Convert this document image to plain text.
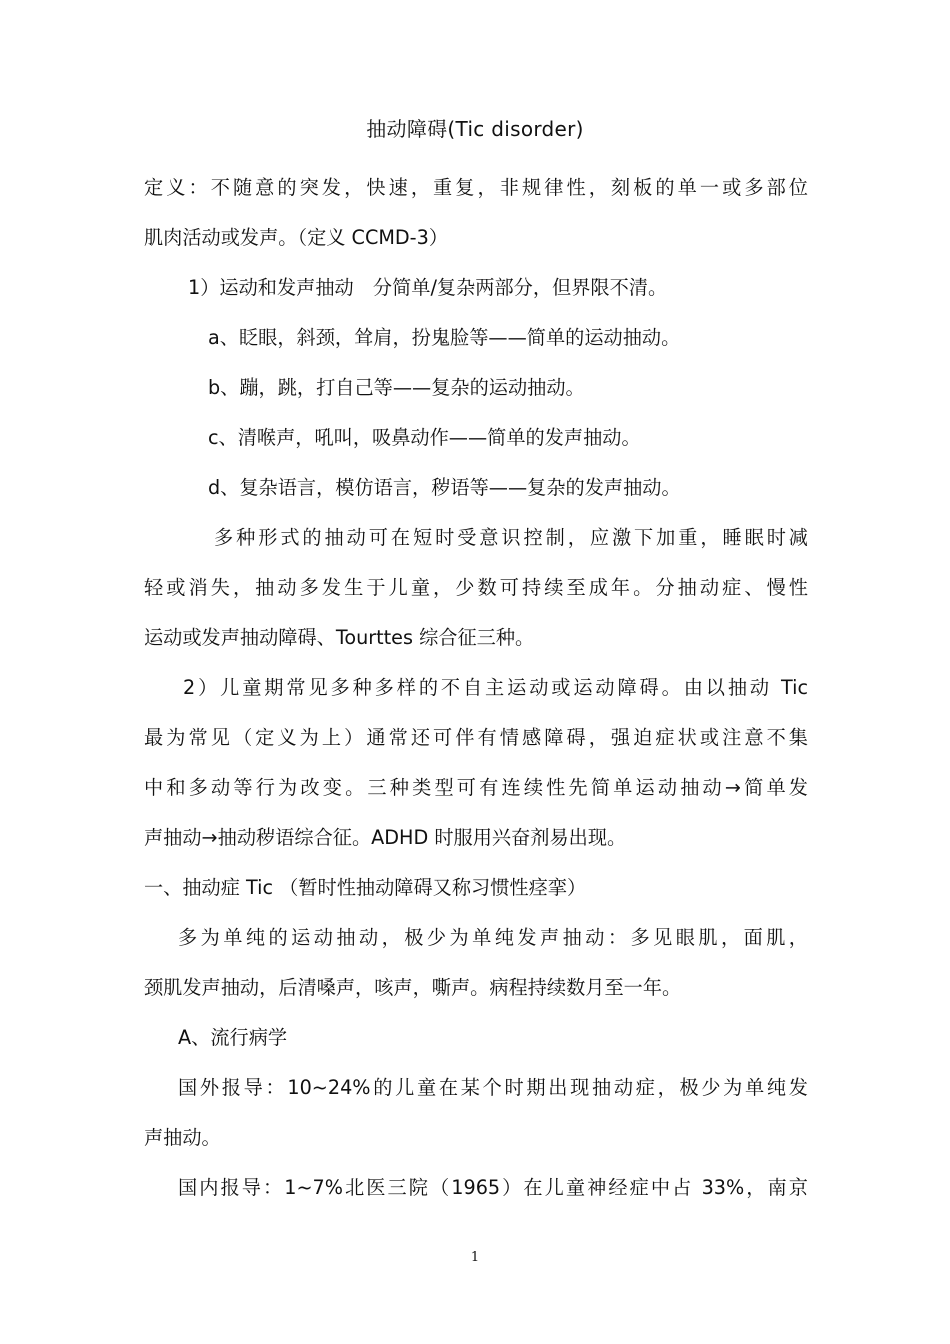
抽动障碍(Tic disorder)
定义：不随意的突发，快速，重复，非规律性，刻板的单一或多部位
肌肉活动或发声。（定义 CCMD-3）
1）运动和发声抽动　分简单/复杂两部分，但界限不清。
a、眨眼，斜颈，耸肩，扮鬼脸等——简单的运动抽动。
b、蹦，跳，打自己等——复杂的运动抽动。
c、清喉声，吼叫，吸鼻动作——简单的发声抽动。
d、复杂语言，模仿语言，秽语等——复杂的发声抽动。
多种形式的抽动可在短时受意识控制，应激下加重，睡眠时减
轻或消失，抽动多发生于儿童，少数可持续至成年。分抽动症、慢性
运动或发声抽动障碍、Tourttes 综合征三种。
2）儿童期常见多种多样的不自主运动或运动障碍。由以抽动 Tic
最为常见（定义为上）通常还可伴有情感障碍，强迫症状或注意不集
中和多动等行为改变。三种类型可有连续性先简单运动抽动→简单发
声抽动→抽动秽语综合征。ADHD 时服用兴奋剂易出现。
一、抽动症 Tic （暂时性抽动障碍又称习惯性痉挛）
多为单纯的运动抽动，极少为单纯发声抽动：多见眼肌，面肌，
颈肌发声抽动，后清嗓声，咳声，嘶声。病程持续数月至一年。
A、流行病学
国外报导：10~24%的儿童在某个时期出现抽动症，极少为单纯发
声抽动。
国内报导：1~7%北医三院（1965）在儿童神经症中占 33%，南京
1
